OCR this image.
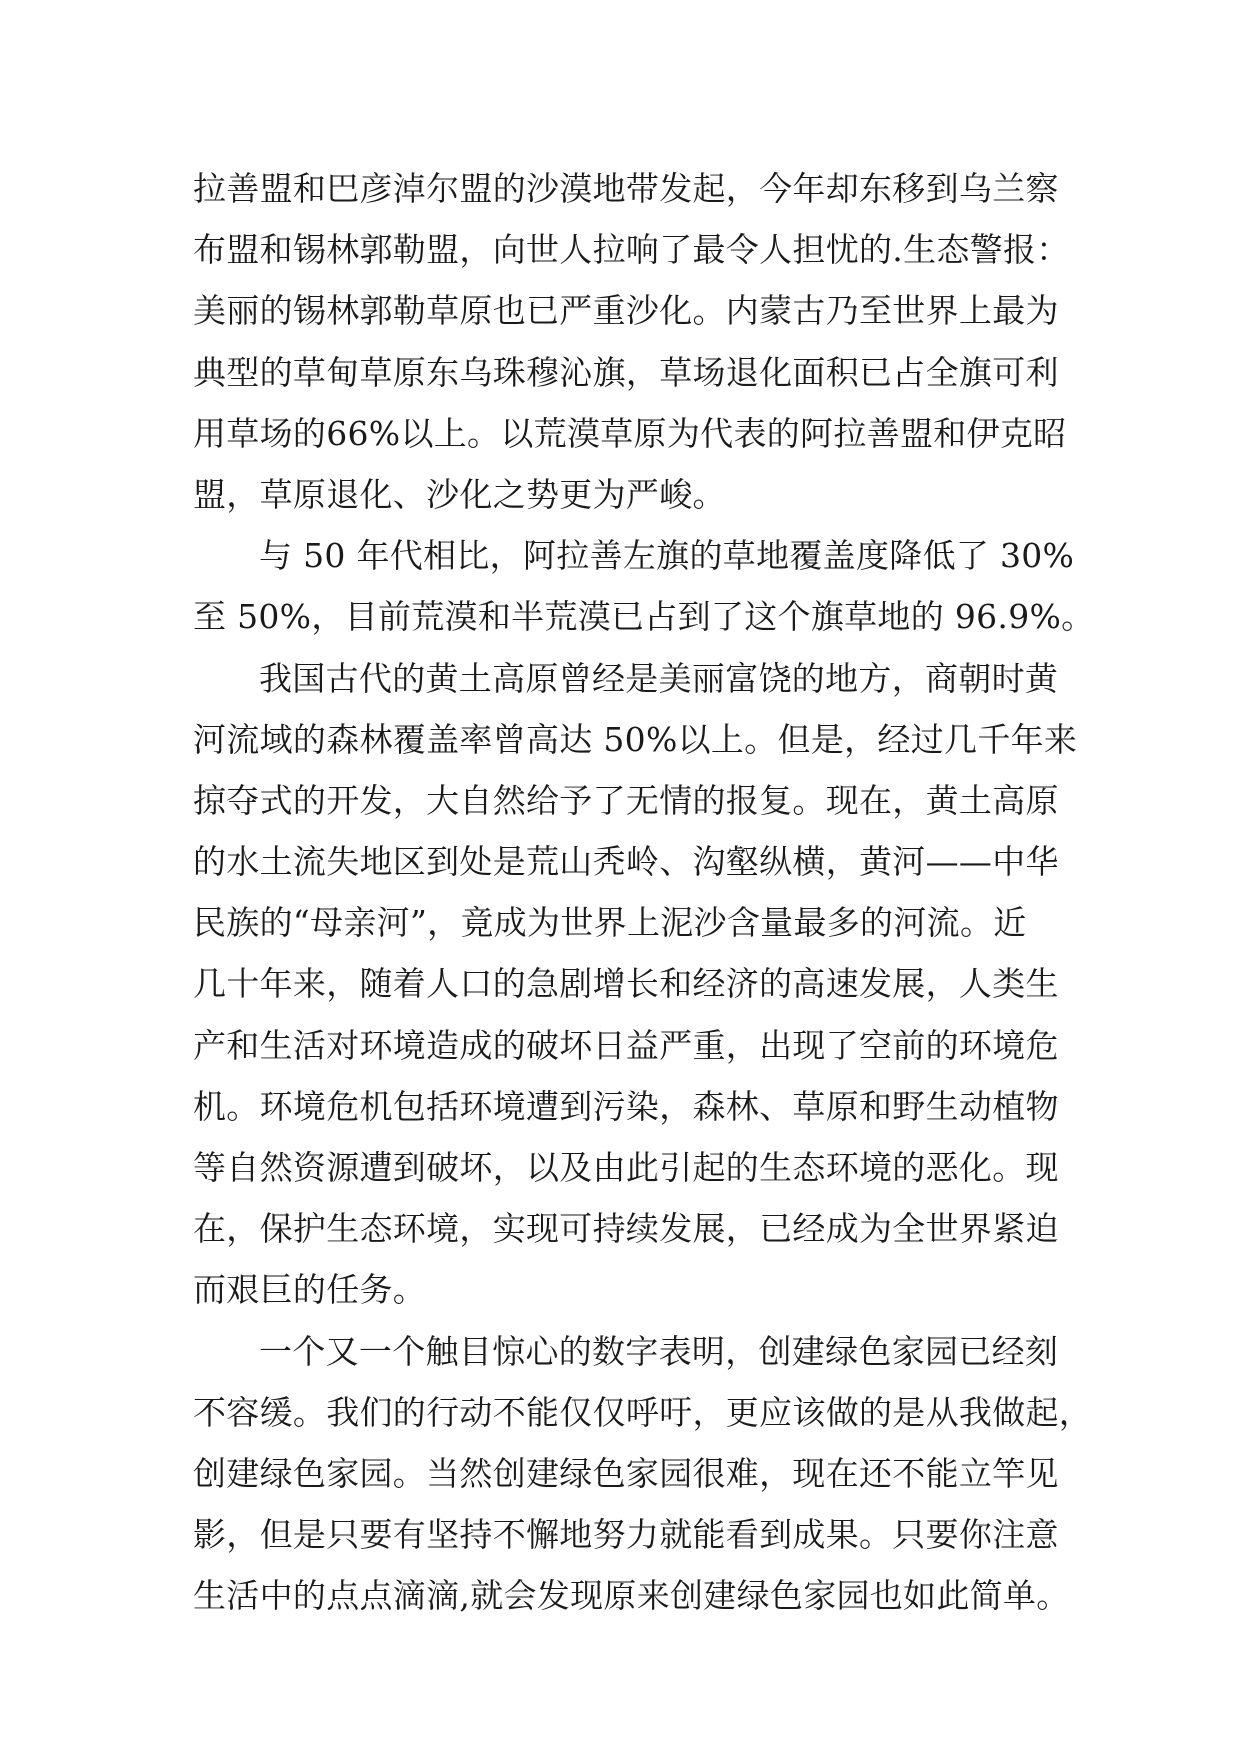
拉善盟和巴彦淖尔盟的沙漠地带发起，今年却东移到乌兰察
布盟和锡林郭勒盟，向世人拉响了最令人担忧的.生态警报：
美丽的锡林郭勒草原也已严重沙化。内蒙古乃至世界上最为
典型的草甸草原东乌珠穆沁旗，草场退化面积已占全旗可利
用草场的66%以上。以荒漠草原为代表的阿拉善盟和伊克昭
盟，草原退化、沙化之势更为严峻。
与 50 年代相比，阿拉善左旗的草地覆盖度降低了 30%
至 50%，目前荒漠和半荒漠已占到了这个旗草地的 96.9%。
我国古代的黄土高原曾经是美丽富饶的地方，商朝时黄
河流域的森林覆盖率曾高达 50%以上。但是，经过几千年来
掠夺式的开发，大自然给予了无情的报复。现在，黄土高原
的水土流失地区到处是荒山秃岭、沟壑纵横，黄河——中华
民族的“母亲河”，竟成为世界上泥沙含量最多的河流。近
几十年来，随着人口的急剧增长和经济的高速发展，人类生
产和生活对环境造成的破坏日益严重，出现了空前的环境危
机。环境危机包括环境遭到污染，森林、草原和野生动植物
等自然资源遭到破坏，以及由此引起的生态环境的恶化。现
在，保护生态环境，实现可持续发展，已经成为全世界紧迫
而艰巨的任务。
一个又一个触目惊心的数字表明，创建绿色家园已经刻
不容缓。我们的行动不能仅仅呼吁，更应该做的是从我做起，
创建绿色家园。当然创建绿色家园很难，现在还不能立竿见
影，但是只要有坚持不懈地努力就能看到成果。只要你注意
生活中的点点滴滴,就会发现原来创建绿色家园也如此简单。
